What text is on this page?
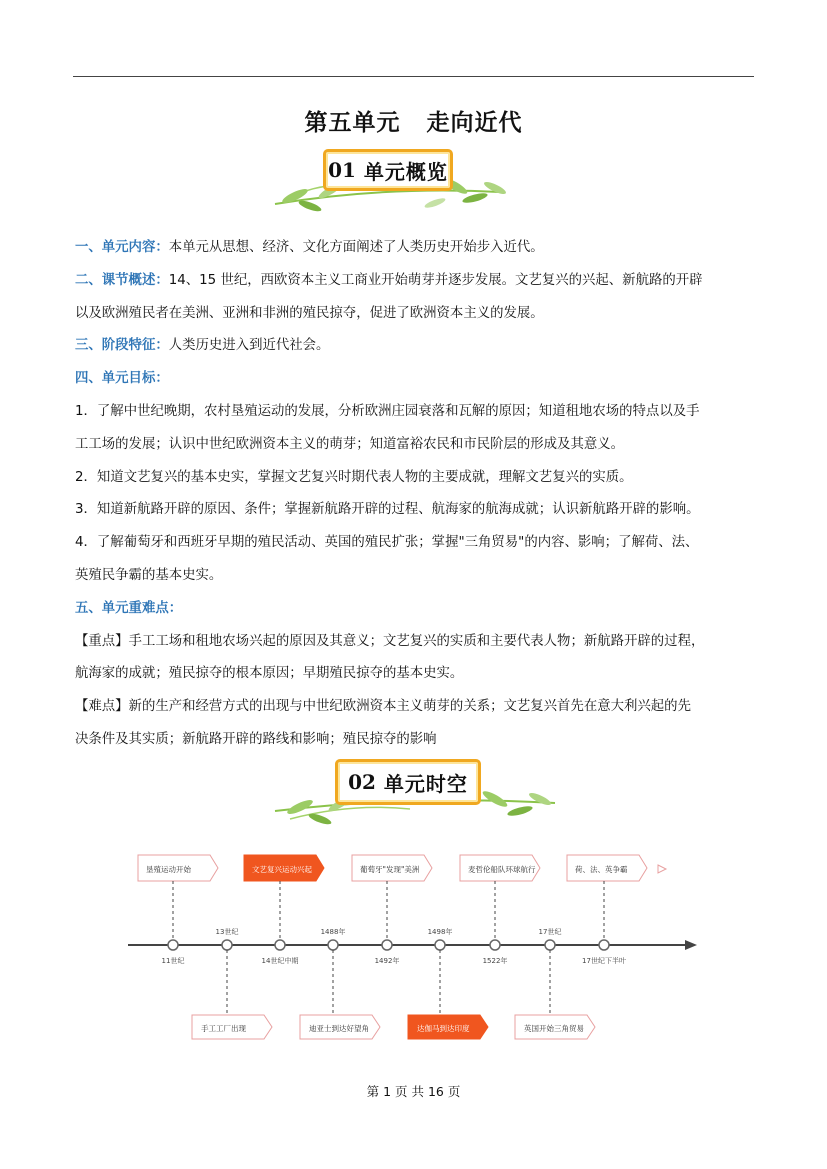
第五单元 走向近代
01 单元概览
一、单元内容：本单元从思想、经济、文化方面阐述了人类历史开始步入近代。
二、课节概述：14、15 世纪，西欧资本主义工商业开始萌芽并逐步发展。文艺复兴的兴起、新航路的开辟
以及欧洲殖民者在美洲、亚洲和非洲的殖民掠夺，促进了欧洲资本主义的发展。
三、阶段特征：人类历史进入到近代社会。
四、单元目标：
1．了解中世纪晚期，农村垦殖运动的发展，分析欧洲庄园衰落和瓦解的原因；知道租地农场的特点以及手
工工场的发展；认识中世纪欧洲资本主义的萌芽；知道富裕农民和市民阶层的形成及其意义。
2．知道文艺复兴的基本史实，掌握文艺复兴时期代表人物的主要成就，理解文艺复兴的实质。
3．知道新航路开辟的原因、条件；掌握新航路开辟的过程、航海家的航海成就；认识新航路开辟的影响。
4．了解葡萄牙和西班牙早期的殖民活动、英国的殖民扩张；掌握"三角贸易"的内容、影响；了解荷、法、
英殖民争霸的基本史实。
五、单元重难点：
【重点】手工工场和租地农场兴起的原因及其意义；文艺复兴的实质和主要代表人物；新航路开辟的过程，
航海家的成就；殖民掠夺的根本原因；早期殖民掠夺的基本史实。
【难点】新的生产和经营方式的出现与中世纪欧洲资本主义萌芽的关系；文艺复兴首先在意大利兴起的先
决条件及其实质；新航路开辟的路线和影响；殖民掠夺的影响
02 单元时空
垦殖运动开始	文艺复兴运动兴起	葡萄牙"发现"美洲	麦哲伦船队环球航行	荷、法、英争霸
手工工厂出现	迪亚士到达好望角	达伽马到达印度	英国开始三角贸易
13世纪	1488年	1498年	17世纪
11世纪	14世纪中期	1492年	1522年	17世纪下半叶
第 1 页 共 16 页
